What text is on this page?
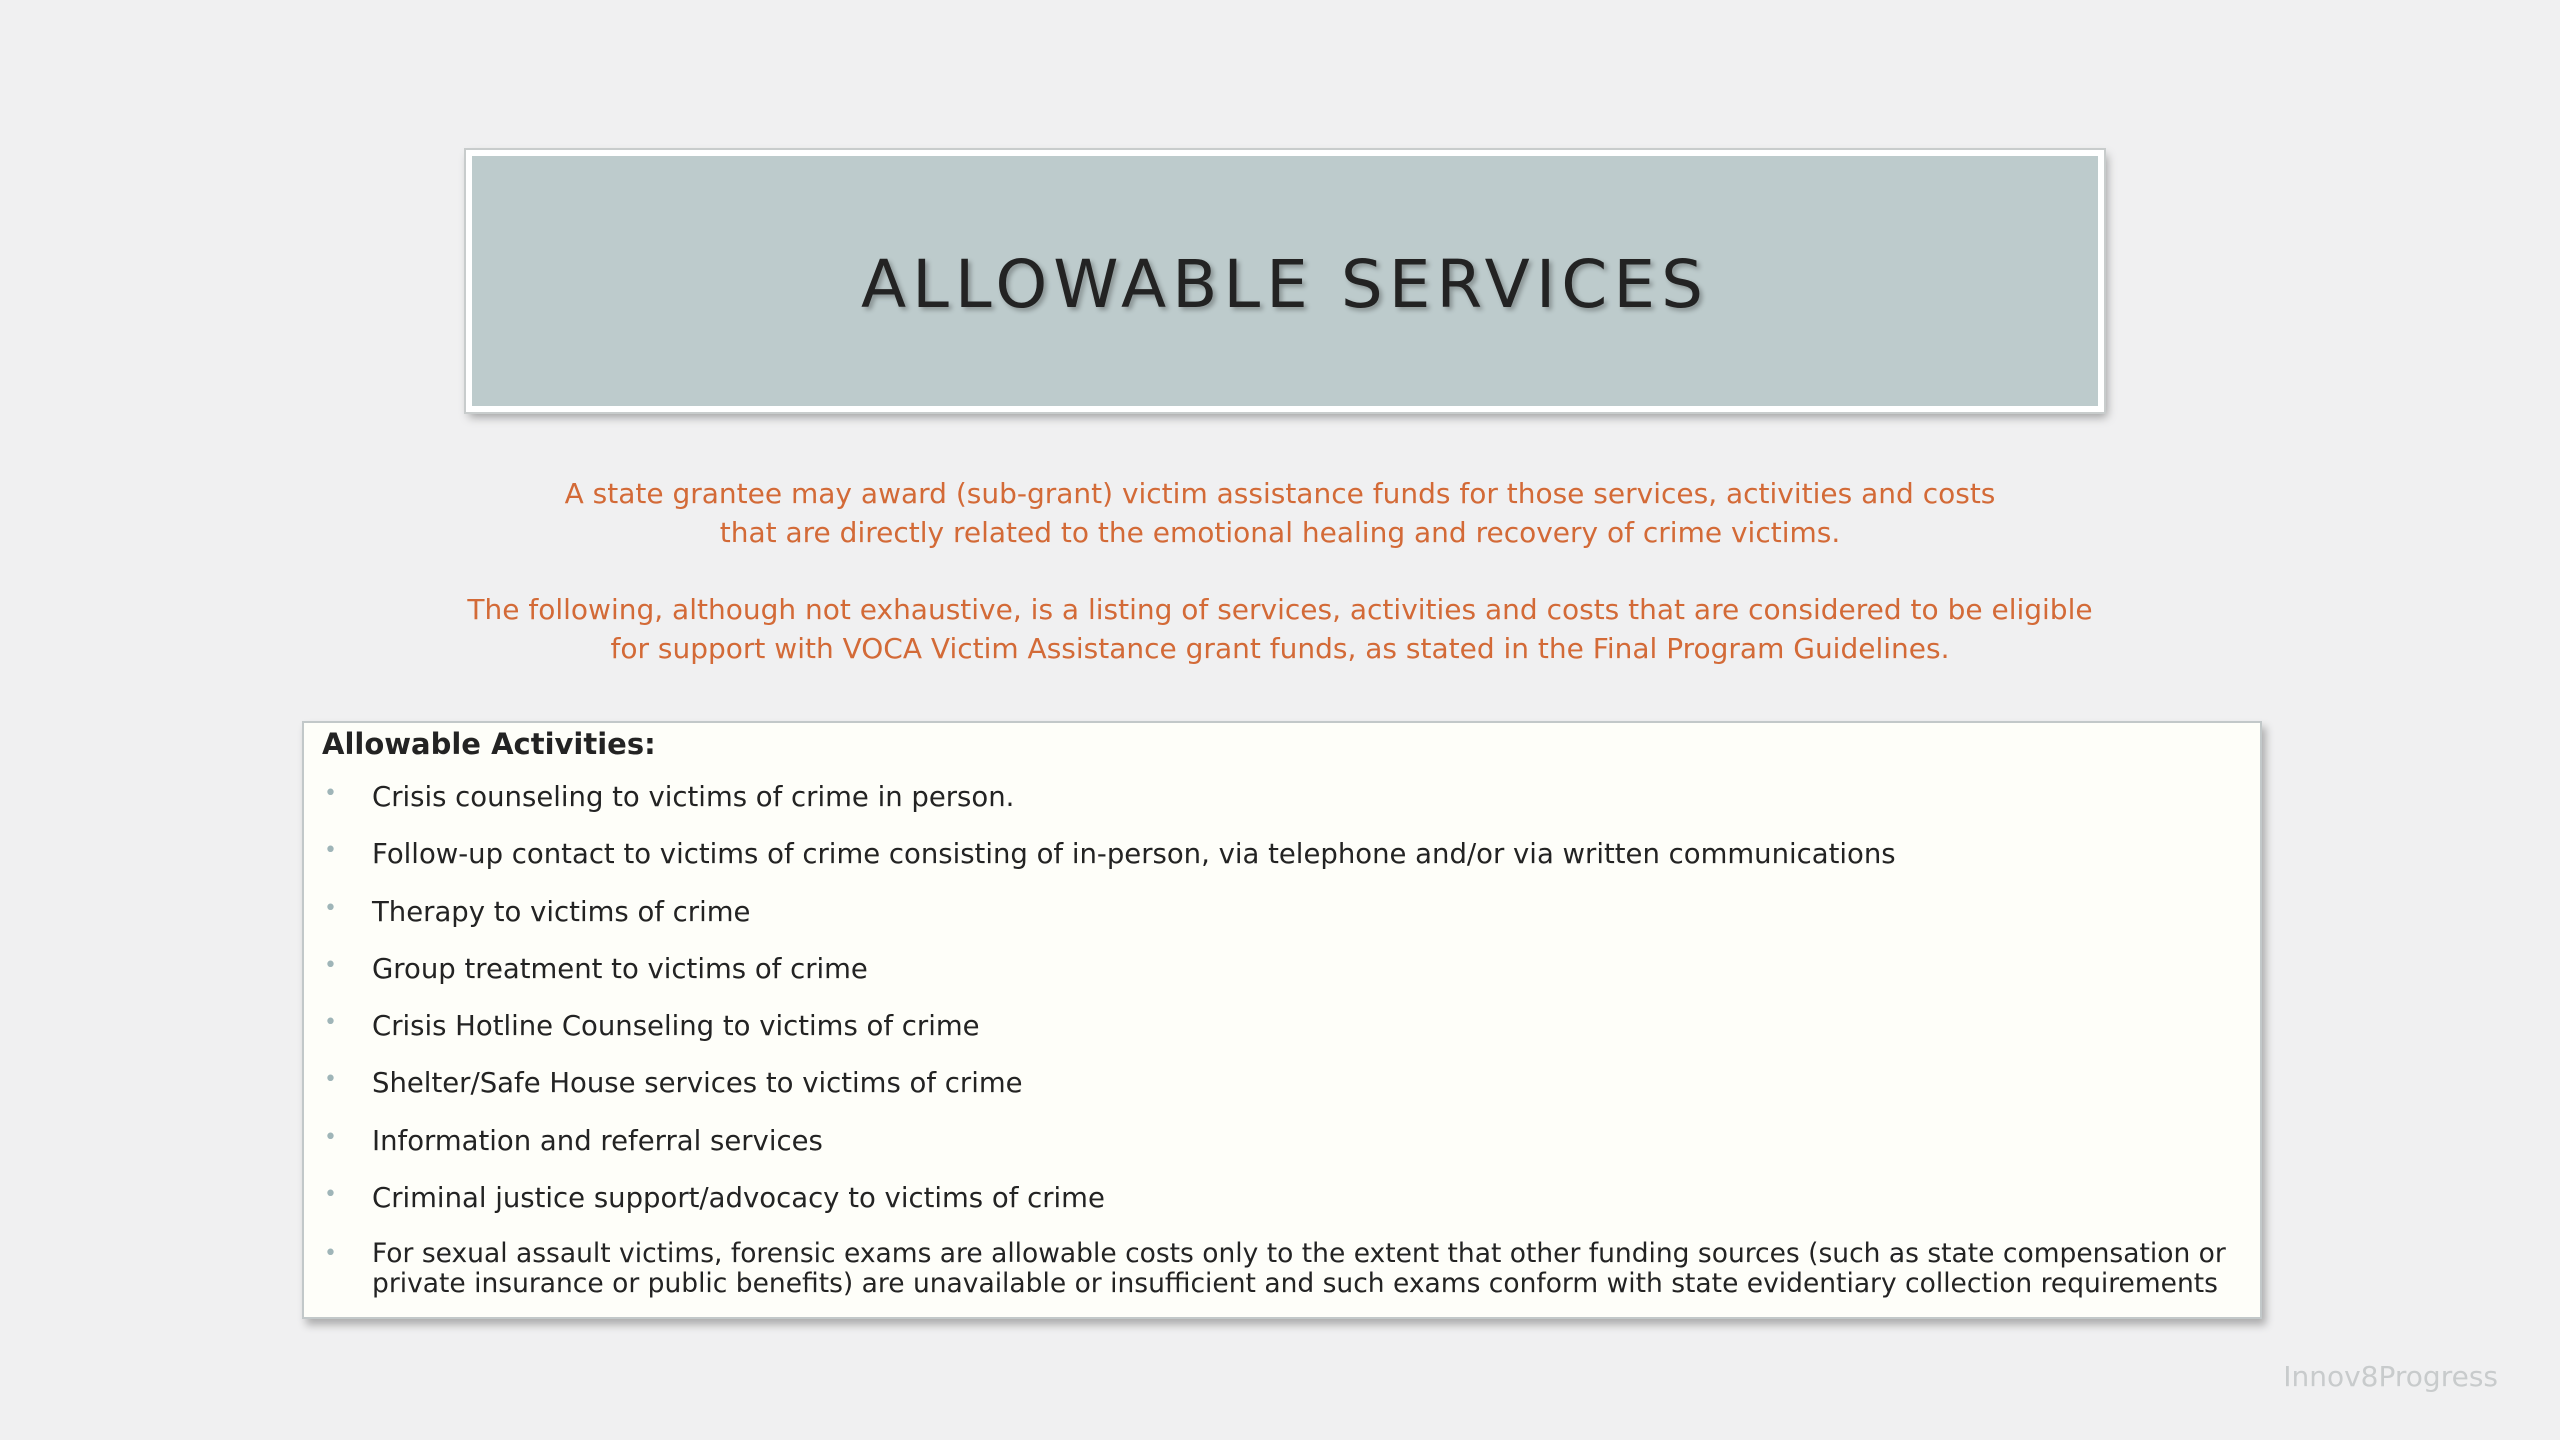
ALLOWABLE SERVICES

A state grantee may award (sub-grant) victim assistance funds for those services, activities and costs

that are directly related to the emotional healing and recovery of crime victims.

The following, although not exhaustive, is a listing of services, activities and costs that are considered to be eligible

for support with VOCA Victim Assistance grant funds, as stated in the Final Program Guidelines.

Allowable Activities:
• Crisis counseling to victims of crime in person.
• Follow-up contact to victims of crime consisting of in-person, via telephone and/or via written communications
• Therapy to victims of crime
• Group treatment to victims of crime
• Crisis Hotline Counseling to victims of crime
• Shelter/Safe House services to victims of crime
• Information and referral services
• Criminal justice support/advocacy to victims of crime
• For sexual assault victims, forensic exams are allowable costs only to the extent that other funding sources (such as state compensation or private insurance or public benefits) are unavailable or insufficient and such exams conform with state evidentiary collection requirements
Innov8Progress
